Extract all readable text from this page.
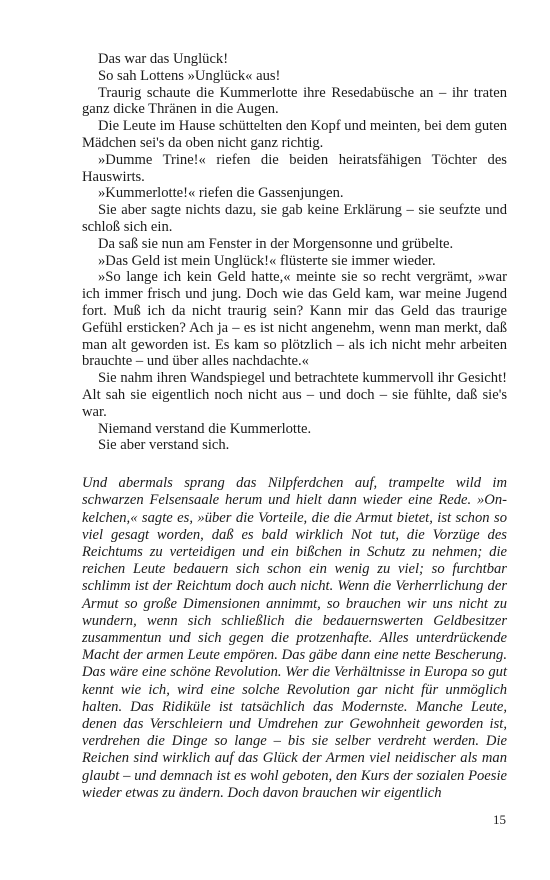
Das war das Unglück!

So sah Lottens »Unglück« aus!

Traurig schaute die Kummerlotte ihre Resedabüsche an – ihr traten ganz dicke Thränen in die Augen.

Die Leute im Hause schüttelten den Kopf und meinten, bei dem guten Mädchen sei's da oben nicht ganz richtig.

»Dumme Trine!« riefen die beiden heiratsfähigen Töchter des Hauswirts.

»Kummerlotte!« riefen die Gassenjungen.

Sie aber sagte nichts dazu, sie gab keine Erklärung – sie seufzte und schloß sich ein.

Da saß sie nun am Fenster in der Morgensonne und grübelte.

»Das Geld ist mein Unglück!« flüsterte sie immer wieder.

»So lange ich kein Geld hatte,« meinte sie so recht vergrämt, »war ich immer frisch und jung. Doch wie das Geld kam, war meine Jugend fort. Muß ich da nicht traurig sein? Kann mir das Geld das traurige Gefühl ersticken? Ach ja – es ist nicht angenehm, wenn man merkt, daß man alt geworden ist. Es kam so plötzlich – als ich nicht mehr arbeiten brauchte – und über alles nachdachte.«

Sie nahm ihren Wandspiegel und betrachtete kummervoll ihr Gesicht! Alt sah sie eigentlich noch nicht aus – und doch – sie fühlte, daß sie's war.

Niemand verstand die Kummerlotte.

Sie aber verstand sich.

Und abermals sprang das Nilpferdchen auf, trampelte wild im schwarzen Felsensaale herum und hielt dann wieder eine Rede. »Onkelchen,« sagte es, »über die Vorteile, die die Armut bietet, ist schon so viel gesagt worden, daß es bald wirklich Not tut, die Vorzüge des Reichtums zu verteidigen und ein bißchen in Schutz zu nehmen; die reichen Leute bedauern sich schon ein wenig zu viel; so furchtbar schlimm ist der Reichtum doch auch nicht. Wenn die Verherrlichung der Armut so große Dimensionen annimmt, so brauchen wir uns nicht zu wundern, wenn sich schließlich die bedauernswerten Geldbesitzer zusammentun und sich gegen die protzenhafte. Alles unterdrückende Macht der armen Leute empören. Das gäbe dann eine nette Bescherung. Das wäre eine schöne Revolution. Wer die Verhältnisse in Europa so gut kennt wie ich, wird eine solche Revolution gar nicht für unmöglich halten. Das Ridiküle ist tatsächlich das Modernste. Manche Leute, denen das Verschleiern und Umdrehen zur Gewohnheit geworden ist, verdrehen die Dinge so lange – bis sie selber verdreht werden. Die Reichen sind wirklich auf das Glück der Armen viel neidischer als man glaubt – und demnach ist es wohl geboten, den Kurs der sozialen Poesie wieder etwas zu ändern. Doch davon brauchen wir eigentlich

15
